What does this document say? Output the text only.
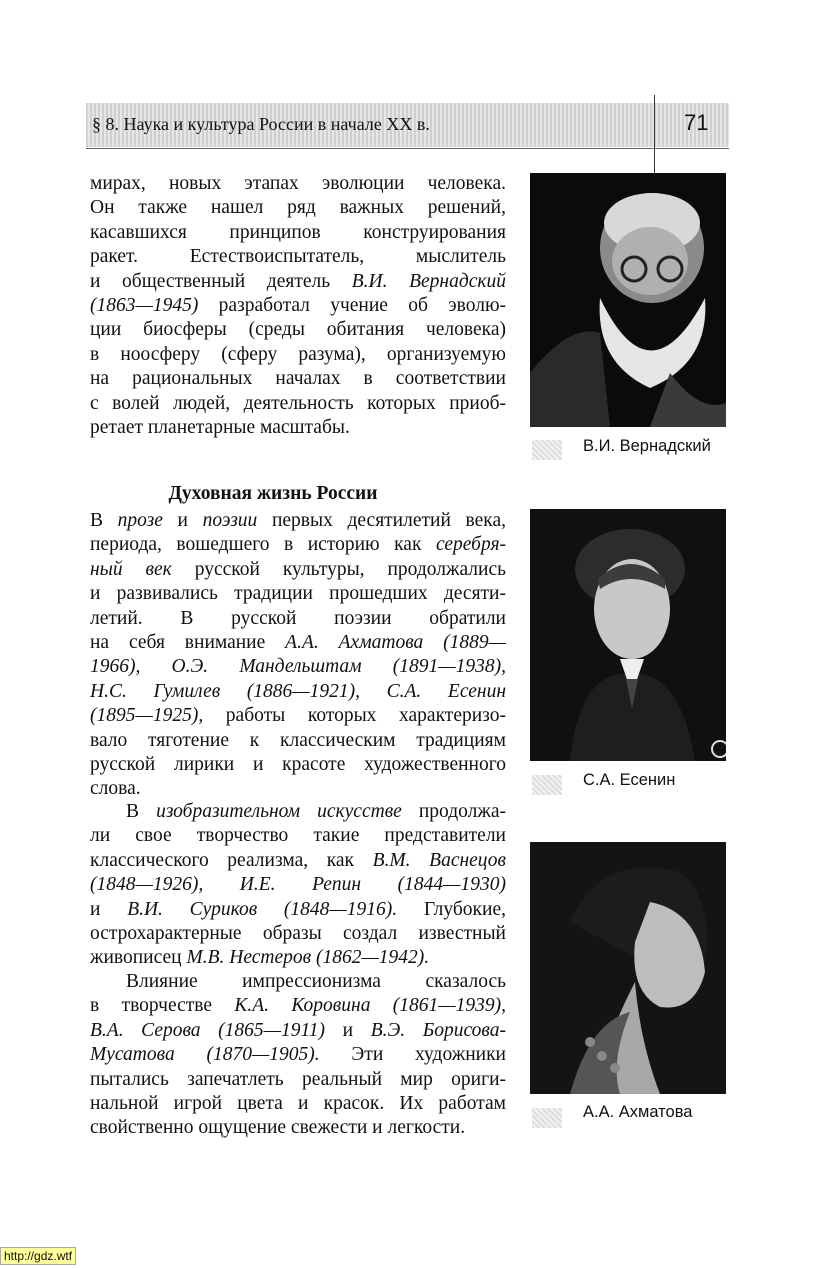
§ 8. Наука и культура России в начале XX в.	71

мирах, новых этапах эволюции человека.

Он также нашел ряд важных решений,

касавшихся принципов конструирования

ракет. Естествоиспытатель, мыслитель

и общественный деятель В.И. Вернадский

(1863—1945) разработал учение об эволю-

ции биосферы (среды обитания человека)

в ноосферу (сферу разума), организуемую

на рациональных началах в соответствии

с волей людей, деятельность которых приоб-

ретает планетарные масштабы.

Духовная жизнь России

В прозе и поэзии первых десятилетий века,

периода, вошедшего в историю как серебря-

ный век русской культуры, продолжались

и развивались традиции прошедших десяти-

летий. В русской поэзии обратили

на себя внимание А.А. Ахматова (1889—

1966), О.Э. Мандельштам (1891—1938),

Н.С. Гумилев (1886—1921), С.А. Есенин

(1895—1925), работы которых характеризо-

вало тяготение к классическим традициям

русской лирики и красоте художественного

слова.

В изобразительном искусстве продолжа-

ли свое творчество такие представители

классического реализма, как В.М. Васнецов

(1848—1926), И.Е. Репин (1844—1930)

и В.И. Суриков (1848—1916). Глубокие,

острохарактерные образы создал известный

живописец М.В. Нестеров (1862—1942).

Влияние импрессионизма сказалось

в творчестве К.А. Коровина (1861—1939),

В.А. Серова (1865—1911) и В.Э. Борисова-

Мусатова (1870—1905). Эти художники

пытались запечатлеть реальный мир ориги-

нальной игрой цвета и красок. Их работам

свойственно ощущение свежести и легкости.

В.И. Вернадский
С.А. Есенин
А.А. Ахматова
http://gdz.wtf
